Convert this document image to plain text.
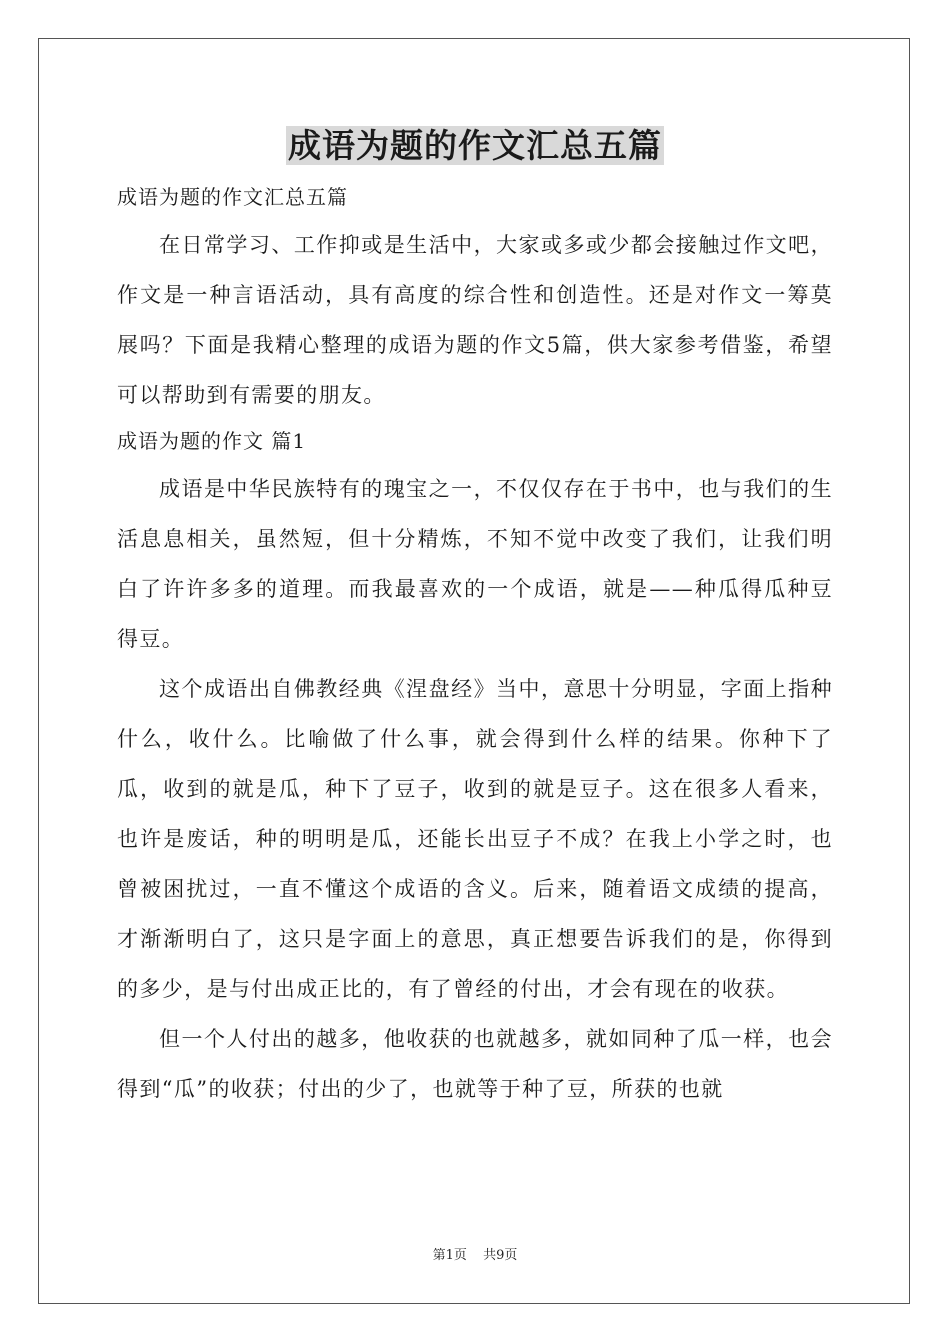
成语为题的作文汇总五篇
成语为题的作文汇总五篇

在日常学习、工作抑或是生活中，大家或多或少都会接触过作文吧，作文是一种言语活动，具有高度的综合性和创造性。还是对作文一筹莫展吗？下面是我精心整理的成语为题的作文5篇，供大家参考借鉴，希望可以帮助到有需要的朋友。

成语为题的作文 篇1

成语是中华民族特有的瑰宝之一，不仅仅存在于书中，也与我们的生活息息相关，虽然短，但十分精炼，不知不觉中改变了我们，让我们明白了许许多多的道理。而我最喜欢的一个成语，就是——种瓜得瓜种豆得豆。

这个成语出自佛教经典《涅盘经》当中，意思十分明显，字面上指种什么，收什么。比喻做了什么事，就会得到什么样的结果。你种下了瓜，收到的就是瓜，种下了豆子，收到的就是豆子。这在很多人看来，也许是废话，种的明明是瓜，还能长出豆子不成？在我上小学之时，也曾被困扰过，一直不懂这个成语的含义。后来，随着语文成绩的提高，才渐渐明白了，这只是字面上的意思，真正想要告诉我们的是，你得到的多少，是与付出成正比的，有了曾经的付出，才会有现在的收获。

但一个人付出的越多，他收获的也就越多，就如同种了瓜一样，也会得到“瓜”的收获；付出的少了，也就等于种了豆，所获的也就

第1页 共9页
